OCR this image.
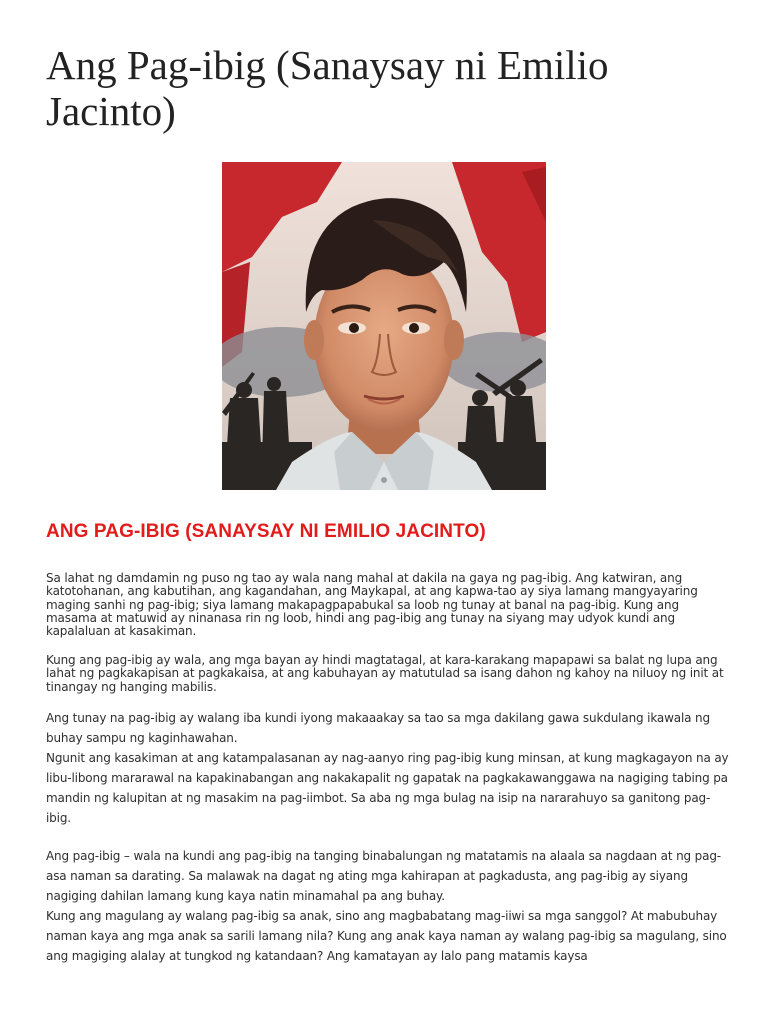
Ang Pag-ibig (Sanaysay ni Emilio Jacinto)
ANG PAG-IBIG (SANAYSAY NI EMILIO JACINTO)

Sa lahat ng damdamin ng puso ng tao ay wala nang mahal at dakila na gaya ng pag-ibig. Ang katwiran, ang katotohanan, ang kabutihan, ang kagandahan, ang Maykapal, at ang kapwa-tao ay siya lamang mangyayaring maging sanhi ng pag-ibig; siya lamang makapagpapabukal sa loob ng tunay at banal na pag-ibig. Kung ang masama at matuwid ay ninanasa rin ng loob, hindi ang pag-ibig ang tunay na siyang may udyok kundi ang kapalaluan at kasakiman.

Kung ang pag-ibig ay wala, ang mga bayan ay hindi magtatagal, at kara-karakang mapapawi sa balat ng lupa ang lahat ng pagkakapisan at pagkakaisa, at ang kabuhayan ay matutulad sa isang dahon ng kahoy na niluoy ng init at tinangay ng hanging mabilis.

Ang tunay na pag-ibig ay walang iba kundi iyong makaaakay sa tao sa mga dakilang gawa sukdulang ikawala ng buhay sampu ng kaginhawahan.

Ngunit ang kasakiman at ang katampalasanan ay nag-aanyo ring pag-ibig kung minsan, at kung magkagayon na ay libu-libong mararawal na kapakinabangan ang nakakapalit ng gapatak na pagkakawanggawa na nagiging tabing pa mandin ng kalupitan at ng masakim na pag-iimbot. Sa aba ng mga bulag na isip na nararahuyo sa ganitong pag-ibig.

Ang pag-ibig – wala na kundi ang pag-ibig na tanging binabalungan ng matatamis na alaala sa nagdaan at ng pag-asa naman sa darating. Sa malawak na dagat ng ating mga kahirapan at pagkadusta, ang pag-ibig ay siyang nagiging dahilan lamang kung kaya natin minamahal pa ang buhay.

Kung ang magulang ay walang pag-ibig sa anak, sino ang magbabatang mag-iiwi sa mga sanggol? At mabubuhay naman kaya ang mga anak sa sarili lamang nila? Kung ang anak kaya naman ay walang pag-ibig sa magulang, sino ang magiging alalay at tungkod ng katandaan? Ang kamatayan ay lalo pang matamis kaysa
